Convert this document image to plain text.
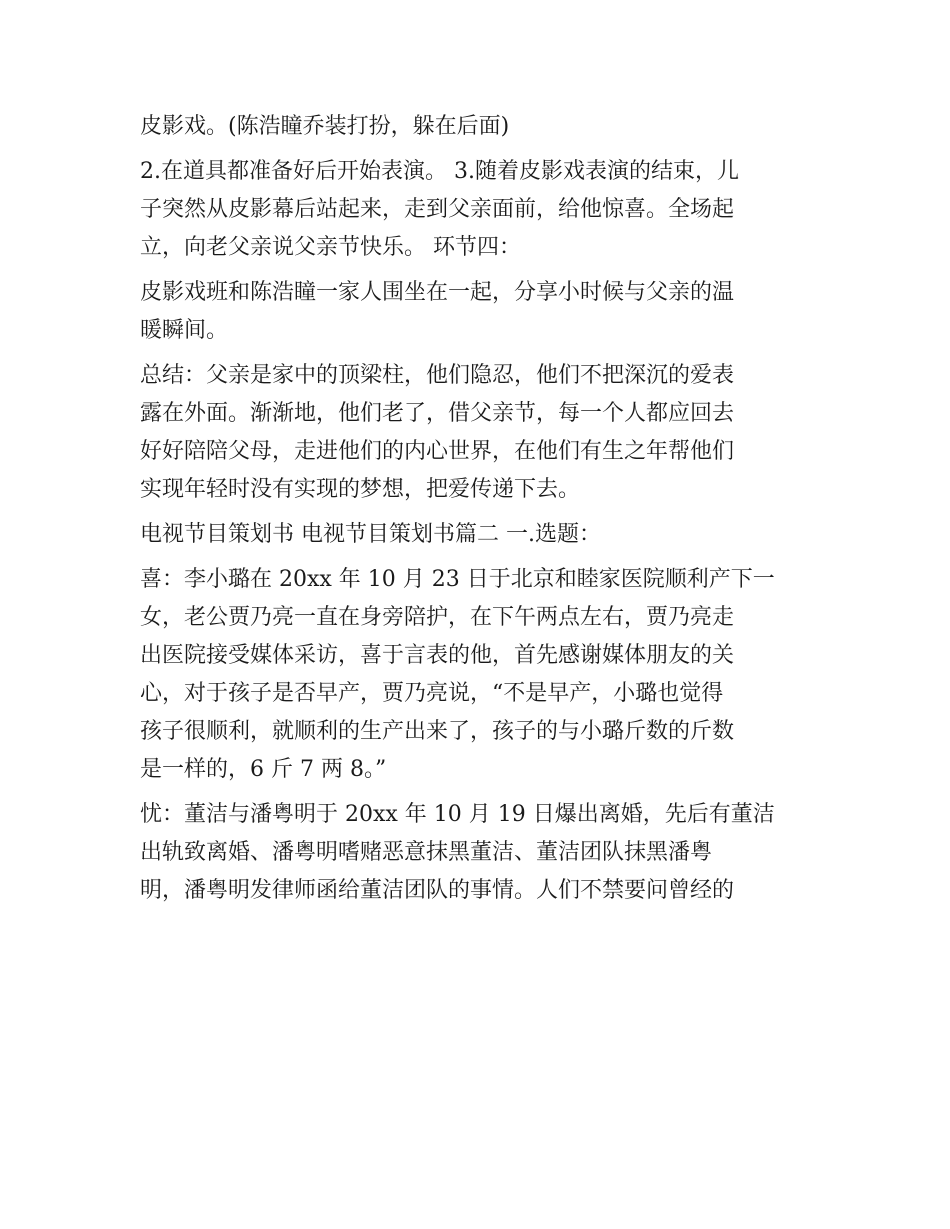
皮影戏。(陈浩瞳乔装打扮，躲在后面)
2.在道具都准备好后开始表演。 3.随着皮影戏表演的结束，儿
子突然从皮影幕后站起来，走到父亲面前，给他惊喜。全场起
立，向老父亲说父亲节快乐。 环节四：
皮影戏班和陈浩瞳一家人围坐在一起，分享小时候与父亲的温
暖瞬间。
总结：父亲是家中的顶梁柱，他们隐忍，他们不把深沉的爱表
露在外面。渐渐地，他们老了，借父亲节，每一个人都应回去
好好陪陪父母，走进他们的内心世界，在他们有生之年帮他们
实现年轻时没有实现的梦想，把爱传递下去。
电视节目策划书 电视节目策划书篇二 一.选题：
喜：李小璐在 20xx 年 10 月 23 日于北京和睦家医院顺利产下一
女，老公贾乃亮一直在身旁陪护，在下午两点左右，贾乃亮走
出医院接受媒体采访，喜于言表的他，首先感谢媒体朋友的关
心，对于孩子是否早产，贾乃亮说，“不是早产，小璐也觉得
孩子很顺利，就顺利的生产出来了，孩子的与小璐斤数的斤数
是一样的，6 斤 7 两 8。”
忧：董洁与潘粤明于 20xx 年 10 月 19 日爆出离婚，先后有董洁
出轨致离婚、潘粤明嗜赌恶意抹黑董洁、董洁团队抹黑潘粤
明，潘粤明发律师函给董洁团队的事情。人们不禁要问曾经的
